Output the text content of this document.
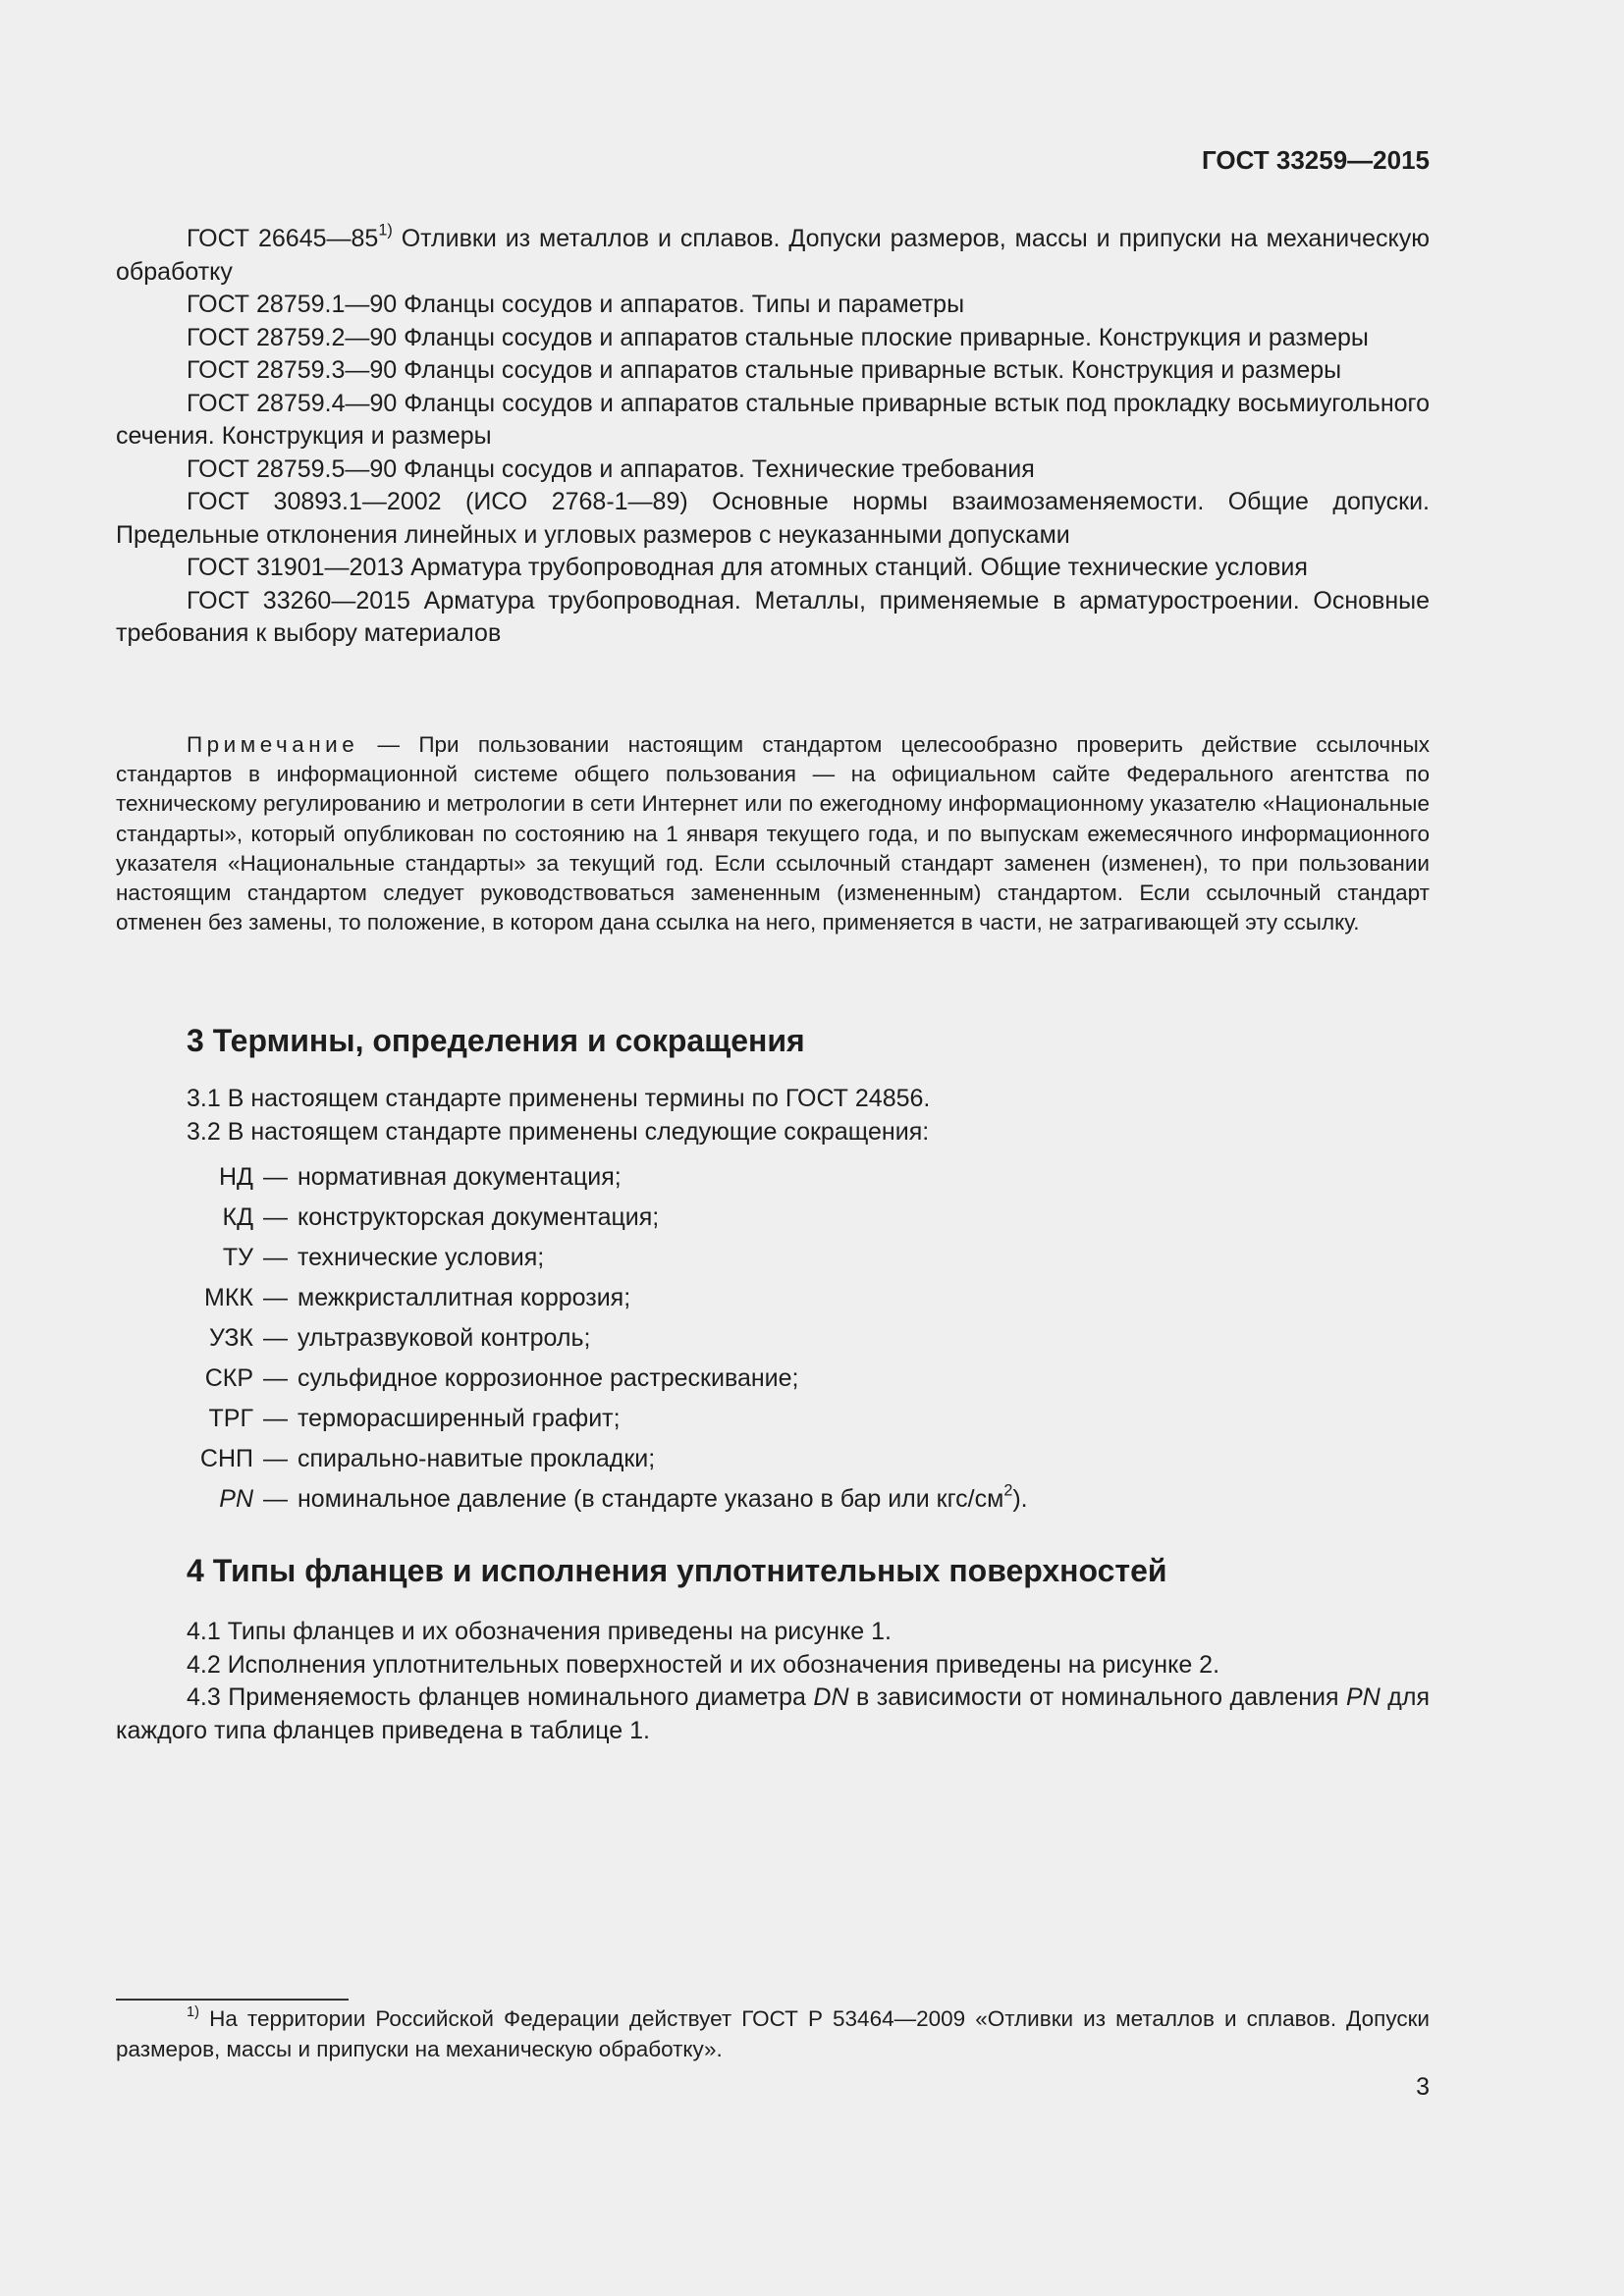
ГОСТ 33259—2015

ГОСТ 26645—85$^{1)}$ Отливки из металлов и сплавов. Допуски размеров, массы и припуски на механическую обработку

ГОСТ 28759.1—90 Фланцы сосудов и аппаратов. Типы и параметры

ГОСТ 28759.2—90 Фланцы сосудов и аппаратов стальные плоские приварные. Конструкция и размеры

ГОСТ 28759.3—90 Фланцы сосудов и аппаратов стальные приварные встык. Конструкция и размеры

ГОСТ 28759.4—90 Фланцы сосудов и аппаратов стальные приварные встык под прокладку восьмиугольного сечения. Конструкция и размеры

ГОСТ 28759.5—90 Фланцы сосудов и аппаратов. Технические требования

ГОСТ 30893.1—2002 (ИСО 2768-1—89) Основные нормы взаимозаменяемости. Общие допуски. Предельные отклонения линейных и угловых размеров с неуказанными допусками

ГОСТ 31901—2013 Арматура трубопроводная для атомных станций. Общие технические условия

ГОСТ 33260—2015 Арматура трубопроводная. Металлы, применяемые в арматуростроении. Основные требования к выбору материалов

Примечание — При пользовании настоящим стандартом целесообразно проверить действие ссылочных стандартов в информационной системе общего пользования — на официальном сайте Федерального агентства по техническому регулированию и метрологии в сети Интернет или по ежегодному информационному указателю «Национальные стандарты», который опубликован по состоянию на 1 января текущего года, и по выпускам ежемесячного информационного указателя «Национальные стандарты» за текущий год. Если ссылочный стандарт заменен (изменен), то при пользовании настоящим стандартом следует руководствоваться замененным (измененным) стандартом. Если ссылочный стандарт отменен без замены, то положение, в котором дана ссылка на него, применяется в части, не затрагивающей эту ссылку.

3 Термины, определения и сокращения

3.1 В настоящем стандарте применены термины по ГОСТ 24856.

3.2 В настоящем стандарте применены следующие сокращения:

НД — нормативная документация;
КД — конструкторская документация;
ТУ — технические условия;
МКК — межкристаллитная коррозия;
УЗК — ультразвуковой контроль;
СКР — сульфидное коррозионное растрескивание;
ТРГ — терморасширенный графит;
СНП — спирально-навитые прокладки;
PN — номинальное давление (в стандарте указано в бар или кгс/$см^2$).
4 Типы фланцев и исполнения уплотнительных поверхностей

4.1 Типы фланцев и их обозначения приведены на рисунке 1.

4.2 Исполнения уплотнительных поверхностей и их обозначения приведены на рисунке 2.

4.3 Применяемость фланцев номинального диаметра DN в зависимости от номинального давления PN для каждого типа фланцев приведена в таблице 1.

$^{1)}$ На территории Российской Федерации действует ГОСТ Р 53464—2009 «Отливки из металлов и сплавов. Допуски размеров, массы и припуски на механическую обработку».

3
